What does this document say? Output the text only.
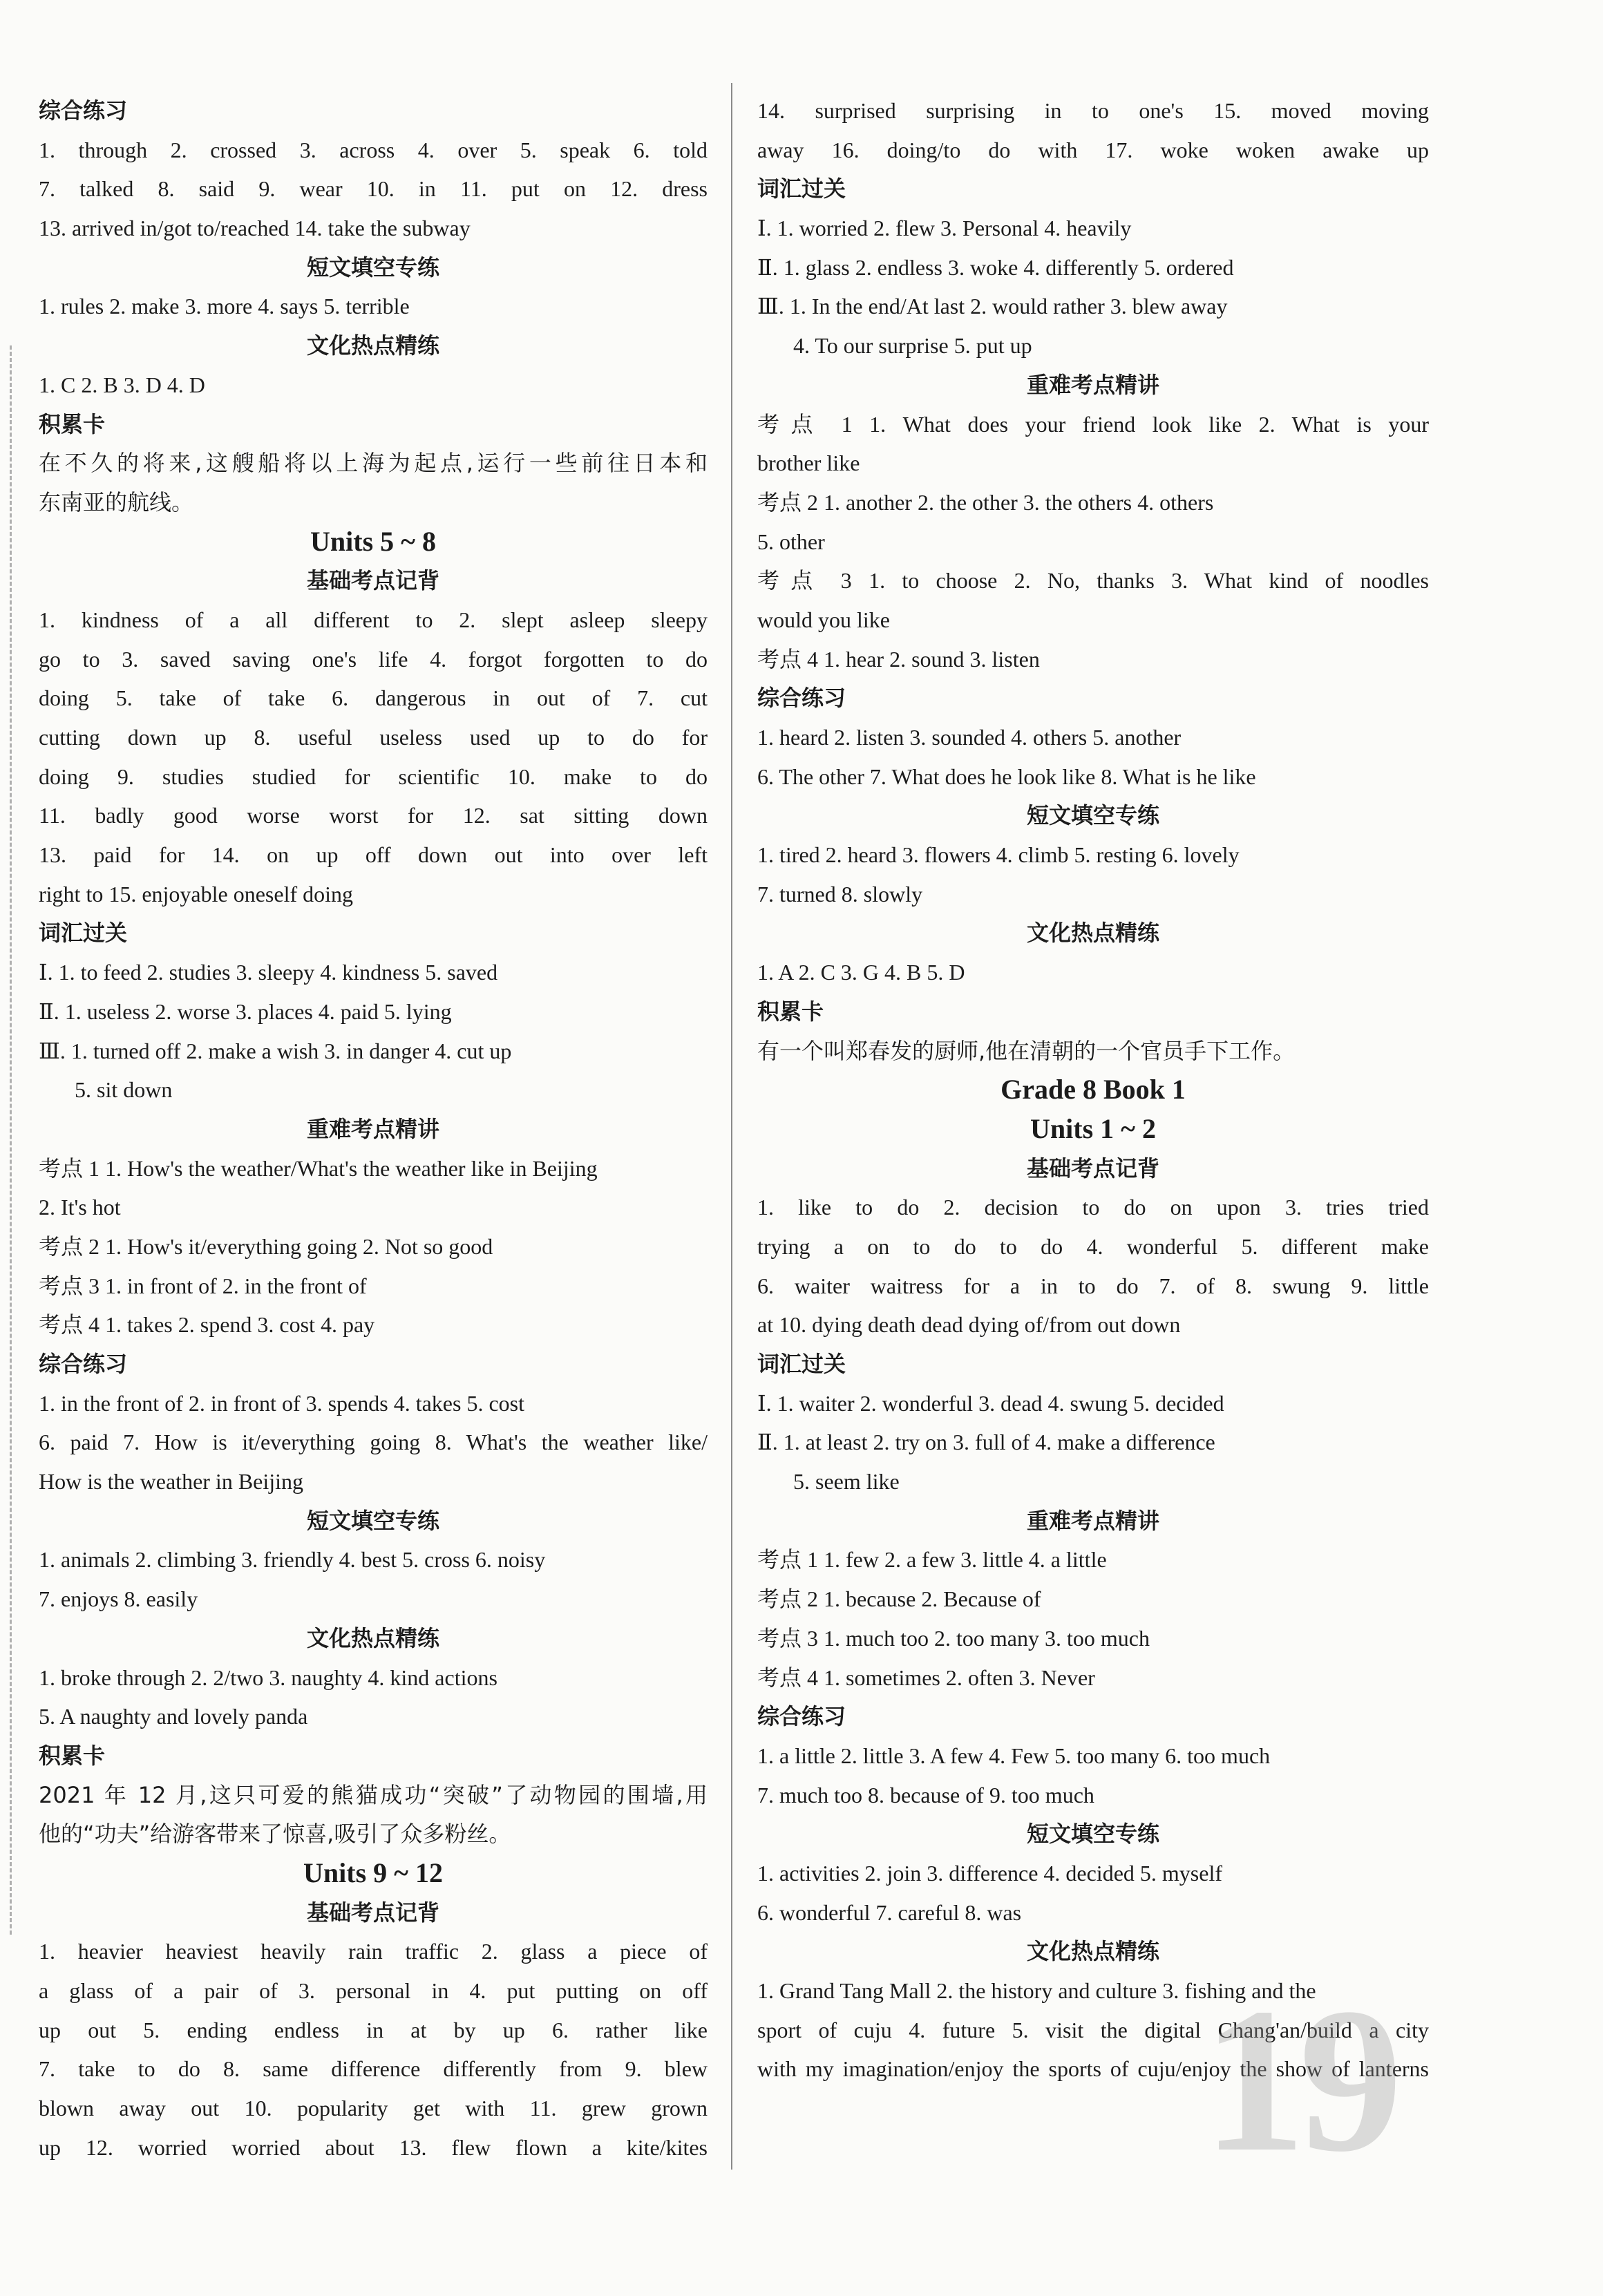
综合练习
1. through 2. crossed 3. across 4. over 5. speak 6. told
7. talked 8. said 9. wear 10. in 11. put on 12. dress
13. arrived in/got to/reached 14. take the subway
短文填空专练
1. rules 2. make 3. more 4. says 5. terrible
文化热点精练
1. C 2. B 3. D 4. D
积累卡
在不久的将来,这艘船将以上海为起点,运行一些前往日本和
东南亚的航线。
Units 5 ~ 8
基础考点记背
1. kindness of a all different to 2. slept asleep sleepy
go to 3. saved saving one's life 4. forgot forgotten to do
doing 5. take of take 6. dangerous in out of 7. cut
cutting down up 8. useful useless used up to do for
doing 9. studies studied for scientific 10. make to do
11. badly good worse worst for 12. sat sitting down
13. paid for 14. on up off down out into over left
right to 15. enjoyable oneself doing
词汇过关
Ⅰ. 1. to feed 2. studies 3. sleepy 4. kindness 5. saved
Ⅱ. 1. useless 2. worse 3. places 4. paid 5. lying
Ⅲ. 1. turned off 2. make a wish 3. in danger 4. cut up
5. sit down
重难考点精讲
考点 1 1. How's the weather/What's the weather like in Beijing
2. It's hot
考点 2 1. How's it/everything going 2. Not so good
考点 3 1. in front of 2. in the front of
考点 4 1. takes 2. spend 3. cost 4. pay
综合练习
1. in the front of 2. in front of 3. spends 4. takes 5. cost
6. paid 7. How is it/everything going 8. What's the weather like/
How is the weather in Beijing
短文填空专练
1. animals 2. climbing 3. friendly 4. best 5. cross 6. noisy
7. enjoys 8. easily
文化热点精练
1. broke through 2. 2/two 3. naughty 4. kind actions
5. A naughty and lovely panda
积累卡
2021 年 12 月,这只可爱的熊猫成功“突破”了动物园的围墙,用
他的“功夫”给游客带来了惊喜,吸引了众多粉丝。
Units 9 ~ 12
基础考点记背
1. heavier heaviest heavily rain traffic 2. glass a piece of
a glass of a pair of 3. personal in 4. put putting on off
up out 5. ending endless in at by up 6. rather like
7. take to do 8. same difference differently from 9. blew
blown away out 10. popularity get with 11. grew grown
up 12. worried worried about 13. flew flown a kite/kites
14. surprised surprising in to one's 15. moved moving
away 16. doing/to do with 17. woke woken awake up
词汇过关
Ⅰ. 1. worried 2. flew 3. Personal 4. heavily
Ⅱ. 1. glass 2. endless 3. woke 4. differently 5. ordered
Ⅲ. 1. In the end/At last 2. would rather 3. blew away
4. To our surprise 5. put up
重难考点精讲
考点 1 1. What does your friend look like 2. What is your
brother like
考点 2 1. another 2. the other 3. the others 4. others
5. other
考点 3 1. to choose 2. No, thanks 3. What kind of noodles
would you like
考点 4 1. hear 2. sound 3. listen
综合练习
1. heard 2. listen 3. sounded 4. others 5. another
6. The other 7. What does he look like 8. What is he like
短文填空专练
1. tired 2. heard 3. flowers 4. climb 5. resting 6. lovely
7. turned 8. slowly
文化热点精练
1. A 2. C 3. G 4. B 5. D
积累卡
有一个叫郑春发的厨师,他在清朝的一个官员手下工作。
Grade 8 Book 1
Units 1 ~ 2
基础考点记背
1. like to do 2. decision to do on upon 3. tries tried
trying a on to do to do 4. wonderful 5. different make
6. waiter waitress for a in to do 7. of 8. swung 9. little
at 10. dying death dead dying of/from out down
词汇过关
Ⅰ. 1. waiter 2. wonderful 3. dead 4. swung 5. decided
Ⅱ. 1. at least 2. try on 3. full of 4. make a difference
5. seem like
重难考点精讲
考点 1 1. few 2. a few 3. little 4. a little
考点 2 1. because 2. Because of
考点 3 1. much too 2. too many 3. too much
考点 4 1. sometimes 2. often 3. Never
综合练习
1. a little 2. little 3. A few 4. Few 5. too many 6. too much
7. much too 8. because of 9. too much
短文填空专练
1. activities 2. join 3. difference 4. decided 5. myself
6. wonderful 7. careful 8. was
文化热点精练
1. Grand Tang Mall 2. the history and culture 3. fishing and the
sport of cuju 4. future 5. visit the digital Chang'an/build a city
with my imagination/enjoy the sports of cuju/enjoy the show of lanterns
19
